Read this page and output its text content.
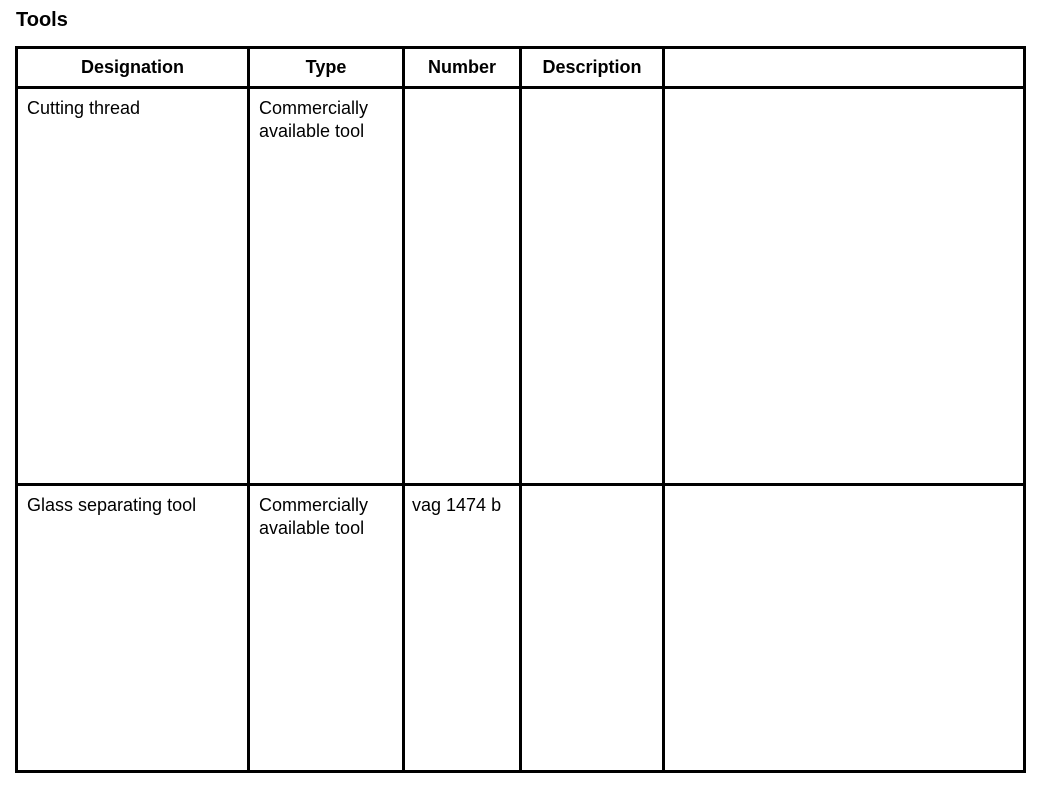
Tools
Designation	Type	Number	Description	
Cutting thread	Commercially available tool			
Glass separating tool	Commercially available tool	vag 1474 b		
